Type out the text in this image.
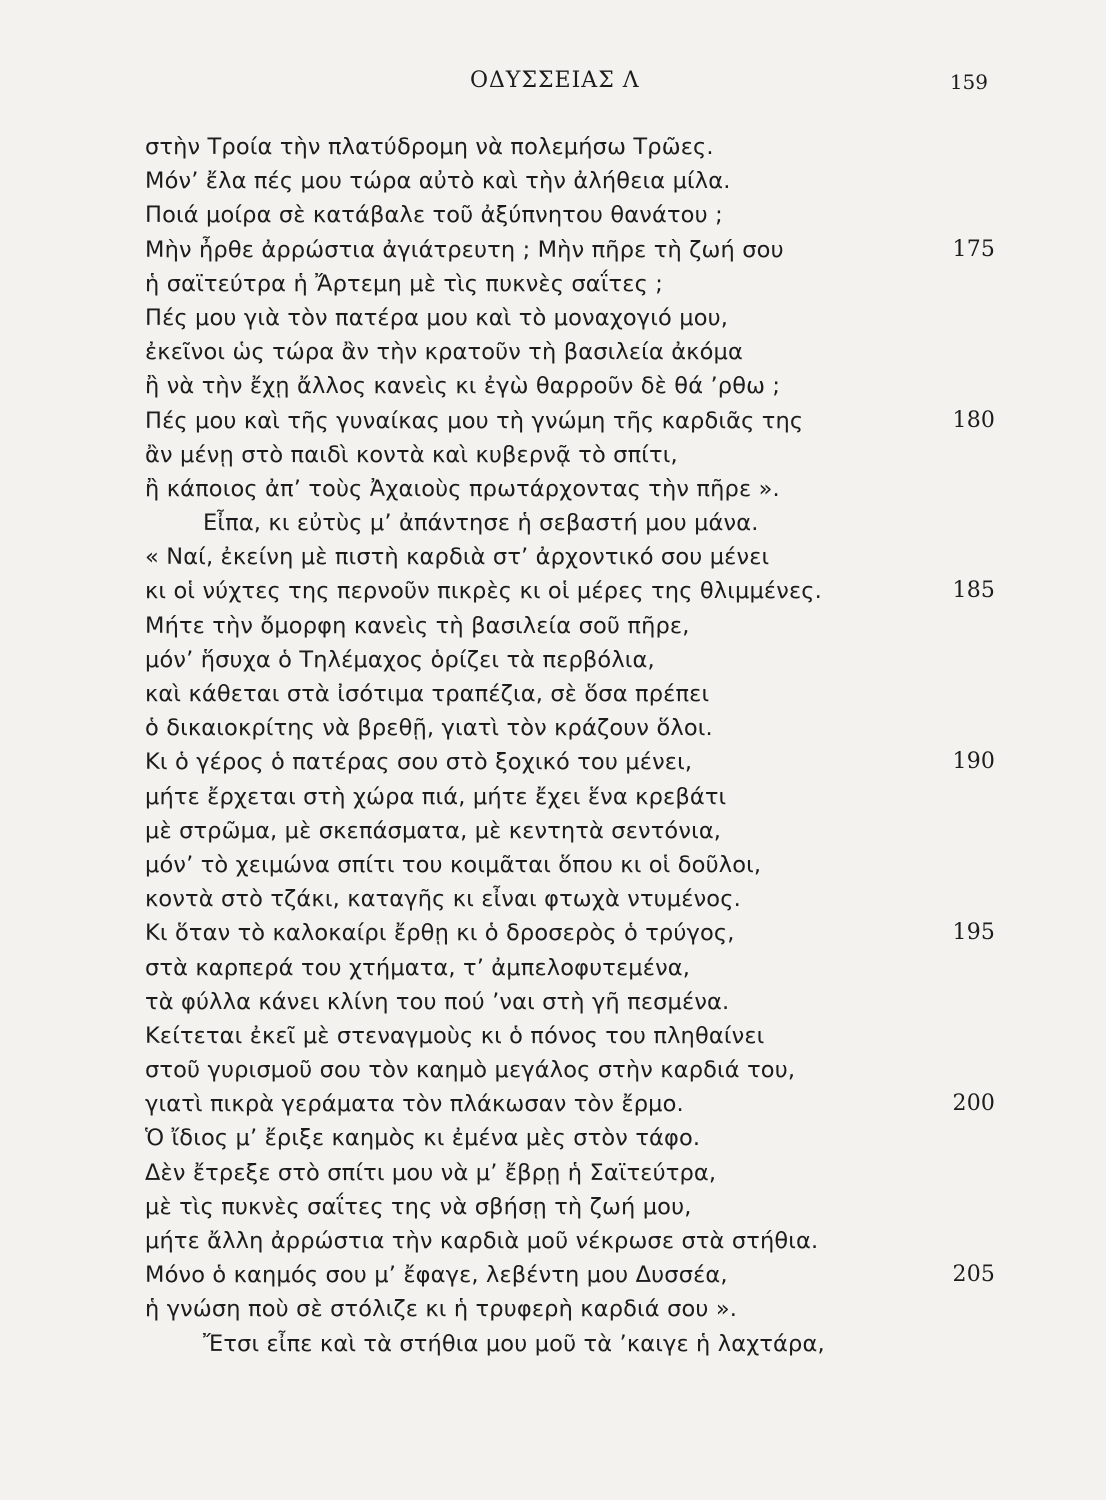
ΟΔΥΣΣΕΙΑΣ Λ	159
στὴν Τροία τὴν πλατύδρομη νὰ πολεμήσω Τρῶες.
Μόν’ ἔλα πές μου τώρα αὐτὸ καὶ τὴν ἀλήθεια μίλα.
Ποιά μοίρα σὲ κατάβαλε τοῦ ἀξύπνητου θανάτου ;
Μὴν ἦρθε ἀρρώστια ἀγιάτρευτη ; Μὴν πῆρε τὴ ζωή σου	175
ἡ σαϊτεύτρα ἡ Ἄρτεμη μὲ τὶς πυκνὲς σαΐτες ;
Πές μου γιὰ τὸν πατέρα μου καὶ τὸ μοναχογιό μου,
ἐκεῖνοι ὡς τώρα ἂν τὴν κρατοῦν τὴ βασιλεία ἀκόμα
ἢ νὰ τὴν ἔχῃ ἄλλος κανεὶς κι ἐγὼ θαρροῦν δὲ θά ’ρθω ;
Πές μου καὶ τῆς γυναίκας μου τὴ γνώμη τῆς καρδιᾶς της	180
ἂν μένῃ στὸ παιδὶ κοντὰ καὶ κυβερνᾷ τὸ σπίτι,
ἢ κάποιος ἀπ’ τοὺς Ἀχαιοὺς πρωτάρχοντας τὴν πῆρε ».
Εἶπα, κι εὐτὺς μ’ ἀπάντησε ἡ σεβαστή μου μάνα.
« Ναί, ἐκείνη μὲ πιστὴ καρδιὰ στ’ ἀρχοντικό σου μένει
κι οἱ νύχτες της περνοῦν πικρὲς κι οἱ μέρες της θλιμμένες.	185
Μήτε τὴν ὄμορφη κανεὶς τὴ βασιλεία σοῦ πῆρε,
μόν’ ἥσυχα ὁ Τηλέμαχος ὁρίζει τὰ περβόλια,
καὶ κάθεται στὰ ἰσότιμα τραπέζια, σὲ ὅσα πρέπει
ὁ δικαιοκρίτης νὰ βρεθῇ, γιατὶ τὸν κράζουν ὅλοι.
Κι ὁ γέρος ὁ πατέρας σου στὸ ξοχικό του μένει,	190
μήτε ἔρχεται στὴ χώρα πιά, μήτε ἔχει ἕνα κρεβάτι
μὲ στρῶμα, μὲ σκεπάσματα, μὲ κεντητὰ σεντόνια,
μόν’ τὸ χειμώνα σπίτι του κοιμᾶται ὅπου κι οἱ δοῦλοι,
κοντὰ στὸ τζάκι, καταγῆς κι εἶναι φτωχὰ ντυμένος.
Κι ὅταν τὸ καλοκαίρι ἔρθῃ κι ὁ δροσερὸς ὁ τρύγος,	195
στὰ καρπερά του χτήματα, τ’ ἀμπελοφυτεμένα,
τὰ φύλλα κάνει κλίνη του πού ’ναι στὴ γῆ πεσμένα.
Κείτεται ἐκεῖ μὲ στεναγμοὺς κι ὁ πόνος του πληθαίνει
στοῦ γυρισμοῦ σου τὸν καημὸ μεγάλος στὴν καρδιά του,
γιατὶ πικρὰ γεράματα τὸν πλάκωσαν τὸν ἔρμο.	200
Ὁ ἴδιος μ’ ἔριξε καημὸς κι ἐμένα μὲς στὸν τάφο.
Δὲν ἔτρεξε στὸ σπίτι μου νὰ μ’ ἔβρῃ ἡ Σαϊτεύτρα,
μὲ τὶς πυκνὲς σαΐτες της νὰ σβήσῃ τὴ ζωή μου,
μήτε ἄλλη ἀρρώστια τὴν καρδιὰ μοῦ νέκρωσε στὰ στήθια.
Μόνο ὁ καημός σου μ’ ἔφαγε, λεβέντη μου Δυσσέα,	205
ἡ γνώση ποὺ σὲ στόλιζε κι ἡ τρυφερὴ καρδιά σου ».
Ἔτσι εἶπε καὶ τὰ στήθια μου μοῦ τὰ ’καιγε ἡ λαχτάρα,
